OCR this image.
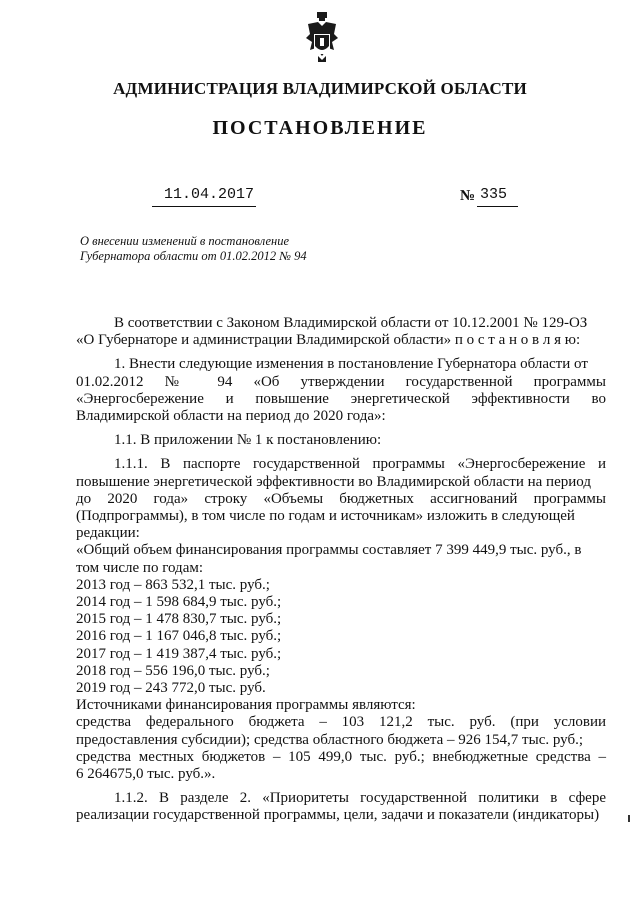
АДМИНИСТРАЦИЯ ВЛАДИМИРСКОЙ ОБЛАСТИ
ПОСТАНОВЛЕНИЕ
11.04.2017	№ 335
О внесении изменений в постановление
Губернатора области от 01.02.2012 № 94
В соответствии с Законом Владимирской области от 10.12.2001 № 129-ОЗ
«О Губернаторе и администрации Владимирской области» п о с т а н о в л я ю:
1. Внести следующие изменения в постановление Губернатора области от
01.02.2012 № 94 «Об утверждении государственной программы
«Энергосбережение и повышение энергетической эффективности во
Владимирской области на период до 2020 года»:
1.1. В приложении № 1 к постановлению:
1.1.1. В паспорте государственной программы «Энергосбережение и
повышение энергетической эффективности во Владимирской области на период
до 2020 года» строку «Объемы бюджетных ассигнований программы
(Подпрограммы), в том числе по годам и источникам» изложить в следующей
редакции:
«Общий объем финансирования программы составляет 7 399 449,9 тыс. руб., в
том числе по годам:
2013 год – 863 532,1 тыс. руб.;
2014 год – 1 598 684,9 тыс. руб.;
2015 год – 1 478 830,7 тыс. руб.;
2016 год – 1 167 046,8 тыс. руб.;
2017 год – 1 419 387,4 тыс. руб.;
2018 год – 556 196,0 тыс. руб.;
2019 год – 243 772,0 тыс. руб.
Источниками финансирования программы являются:
средства федерального бюджета – 103 121,2 тыс. руб. (при условии
предоставления субсидии); средства областного бюджета – 926 154,7 тыс. руб.;
средства местных бюджетов – 105 499,0 тыс. руб.; внебюджетные средства –
6 264675,0 тыс. руб.».
1.1.2. В разделе 2. «Приоритеты государственной политики в сфере
реализации государственной программы, цели, задачи и показатели (индикаторы)
